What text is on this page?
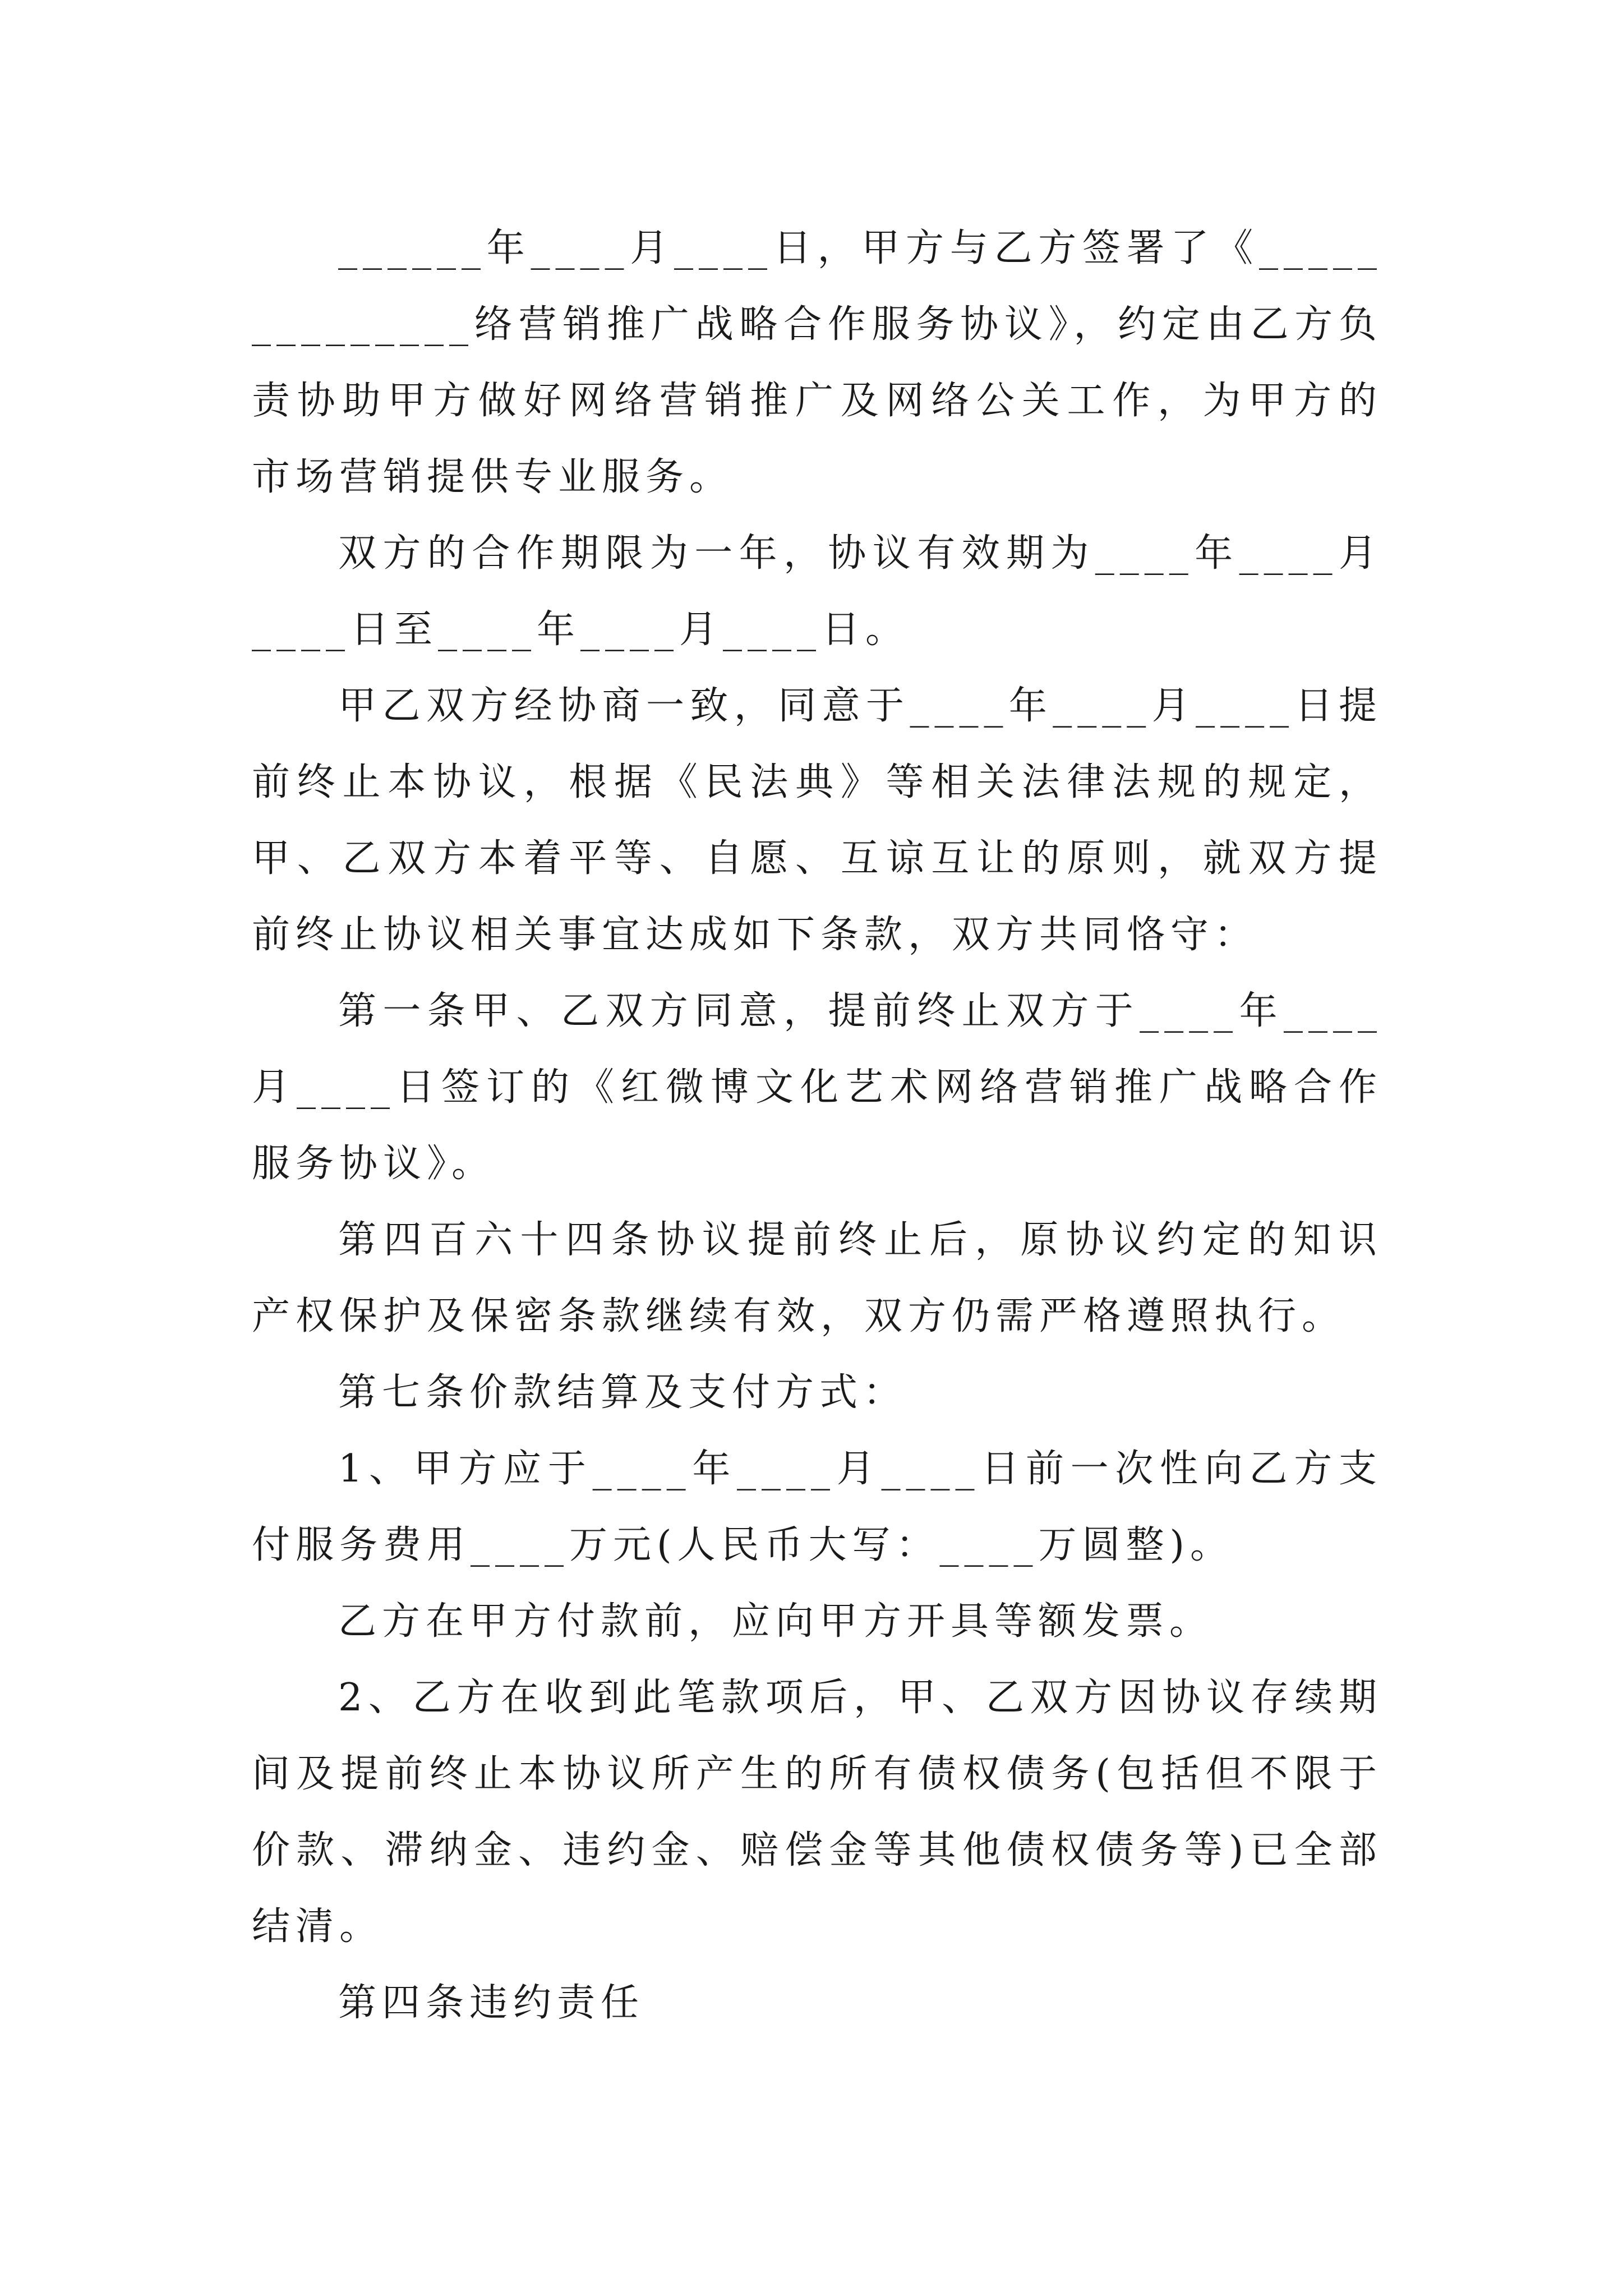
______年____月____日，甲方与乙方签署了《______________络营销推广战略合作服务协议》，约定由乙方负责协助甲方做好网络营销推广及网络公关工作，为甲方的市场营销提供专业服务。

双方的合作期限为一年，协议有效期为____年____月____日至____年____月____日。

甲乙双方经协商一致，同意于____年____月____日提前终止本协议，根据《民法典》等相关法律法规的规定，甲、乙双方本着平等、自愿、互谅互让的原则，就双方提前终止协议相关事宜达成如下条款，双方共同恪守：

第一条甲、乙双方同意，提前终止双方于____年____月____日签订的《红微博文化艺术网络营销推广战略合作服务协议》。

第四百六十四条协议提前终止后，原协议约定的知识产权保护及保密条款继续有效，双方仍需严格遵照执行。

第七条价款结算及支付方式：

1、甲方应于____年____月____日前一次性向乙方支付服务费用____万元(人民币大写：____万圆整)。

乙方在甲方付款前，应向甲方开具等额发票。

2、乙方在收到此笔款项后，甲、乙双方因协议存续期间及提前终止本协议所产生的所有债权债务(包括但不限于价款、滞纳金、违约金、赔偿金等其他债权债务等)已全部结清。

第四条违约责任
